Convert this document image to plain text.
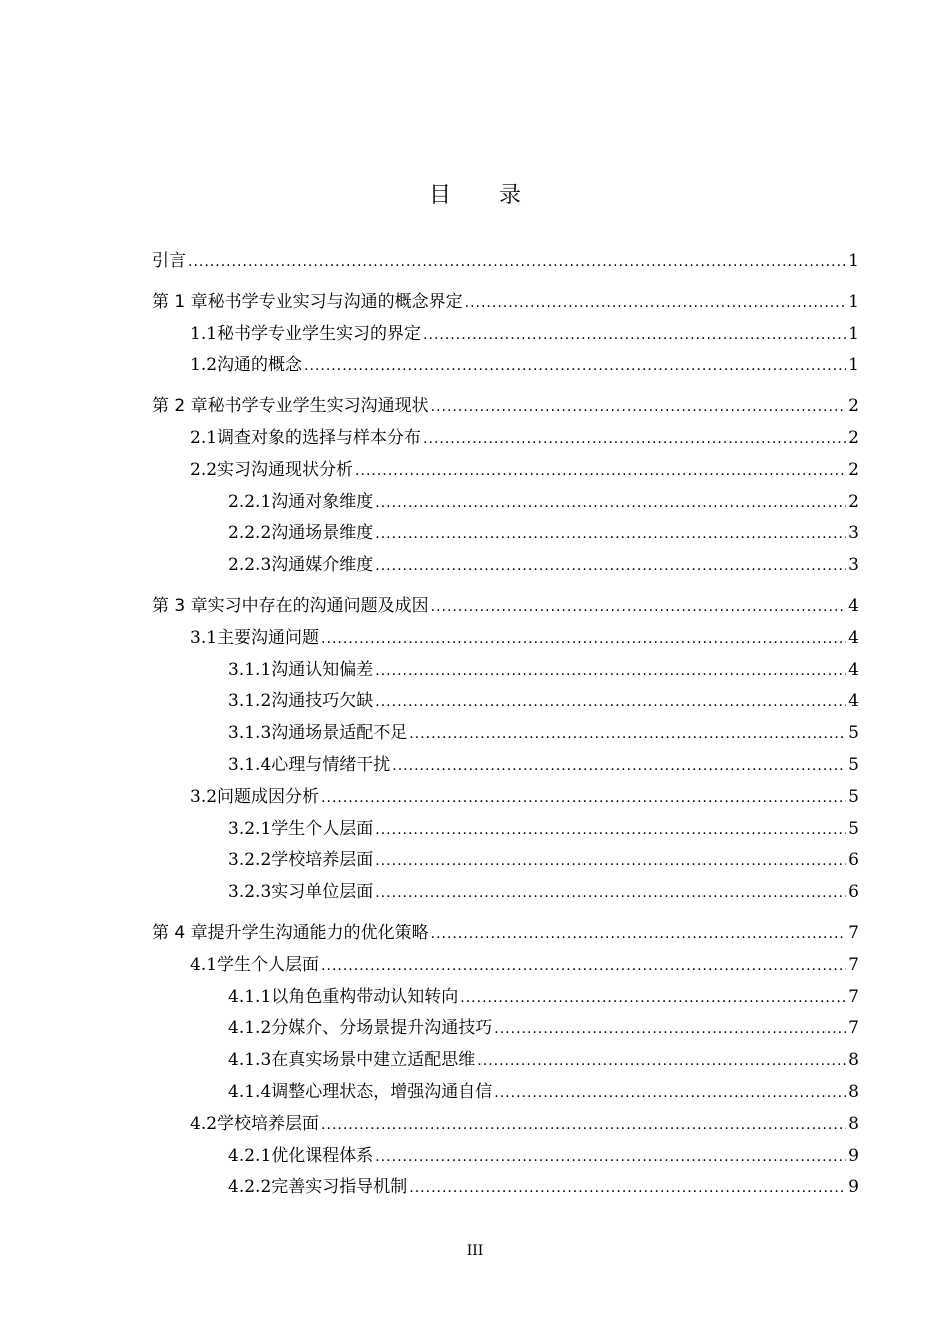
目 录
引言 .....	1
第 1 章 秘书学专业实习与沟通的概念界定 .....	1
1.1 秘书学专业学生实习的界定 .....	1
1.2 沟通的概念 .....	1
第 2 章 秘书学专业学生实习沟通现状 .....	2
2.1 调查对象的选择与样本分布 .....	2
2.2 实习沟通现状分析 .....	2
2.2.1 沟通对象维度 .....	2
2.2.2 沟通场景维度 .....	3
2.2.3 沟通媒介维度 .....	3
第 3 章 实习中存在的沟通问题及成因 .....	4
3.1 主要沟通问题 .....	4
3.1.1 沟通认知偏差 .....	4
3.1.2 沟通技巧欠缺 .....	4
3.1.3 沟通场景适配不足 .....	5
3.1.4 心理与情绪干扰 .....	5
3.2 问题成因分析 .....	5
3.2.1 学生个人层面 .....	5
3.2.2 学校培养层面 .....	6
3.2.3 实习单位层面 .....	6
第 4 章 提升学生沟通能力的优化策略 .....	7
4.1 学生个人层面 .....	7
4.1.1 以角色重构带动认知转向 .....	7
4.1.2 分媒介、分场景提升沟通技巧 .....	7
4.1.3 在真实场景中建立适配思维 .....	8
4.1.4 调整心理状态，增强沟通自信 .....	8
4.2 学校培养层面 .....	8
4.2.1 优化课程体系 .....	9
4.2.2 完善实习指导机制 .....	9
III
